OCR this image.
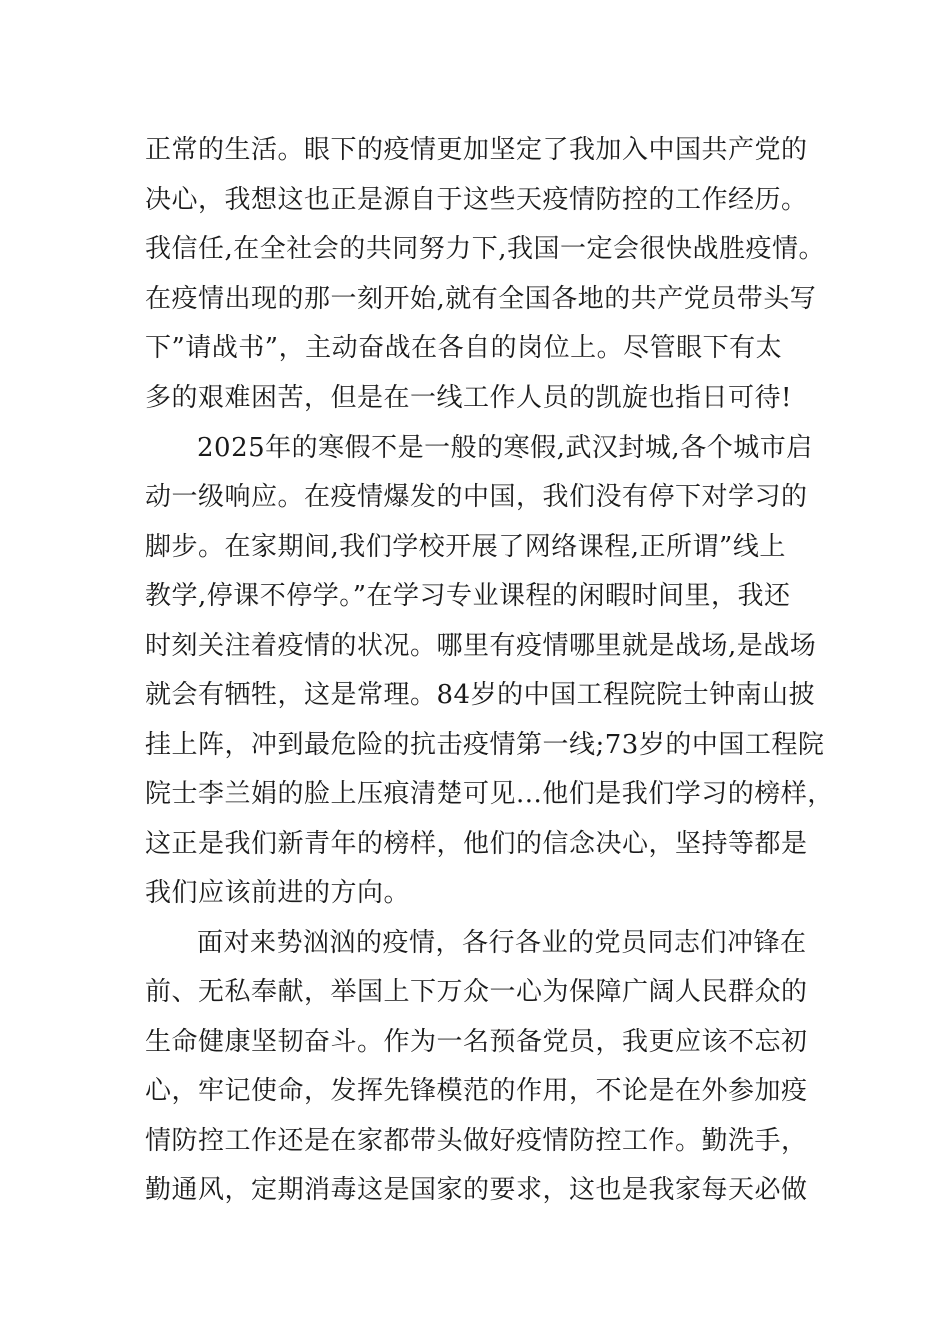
正常的生活。眼下的疫情更加坚定了我加入中国共产党的
决心，我想这也正是源自于这些天疫情防控的工作经历。
我信任,在全社会的共同努力下,我国一定会很快战胜疫情。
在疫情出现的那一刻开始,就有全国各地的共产党员带头写
下”请战书”，主动奋战在各自的岗位上。尽管眼下有太
多的艰难困苦，但是在一线工作人员的凯旋也指日可待!
2025年的寒假不是一般的寒假,武汉封城,各个城市启
动一级响应。在疫情爆发的中国，我们没有停下对学习的
脚步。在家期间,我们学校开展了网络课程,正所谓”线上
教学,停课不停学。”在学习专业课程的闲暇时间里，我还
时刻关注着疫情的状况。哪里有疫情哪里就是战场,是战场
就会有牺牲，这是常理。84岁的中国工程院院士钟南山披
挂上阵，冲到最危险的抗击疫情第一线;73岁的中国工程院
院士李兰娟的脸上压痕清楚可见...他们是我们学习的榜样，
这正是我们新青年的榜样，他们的信念决心，坚持等都是
我们应该前进的方向。
面对来势汹汹的疫情，各行各业的党员同志们冲锋在
前、无私奉献，举国上下万众一心为保障广阔人民群众的
生命健康坚韧奋斗。作为一名预备党员，我更应该不忘初
心，牢记使命，发挥先锋模范的作用，不论是在外参加疫
情防控工作还是在家都带头做好疫情防控工作。勤洗手，
勤通风，定期消毒这是国家的要求，这也是我家每天必做
